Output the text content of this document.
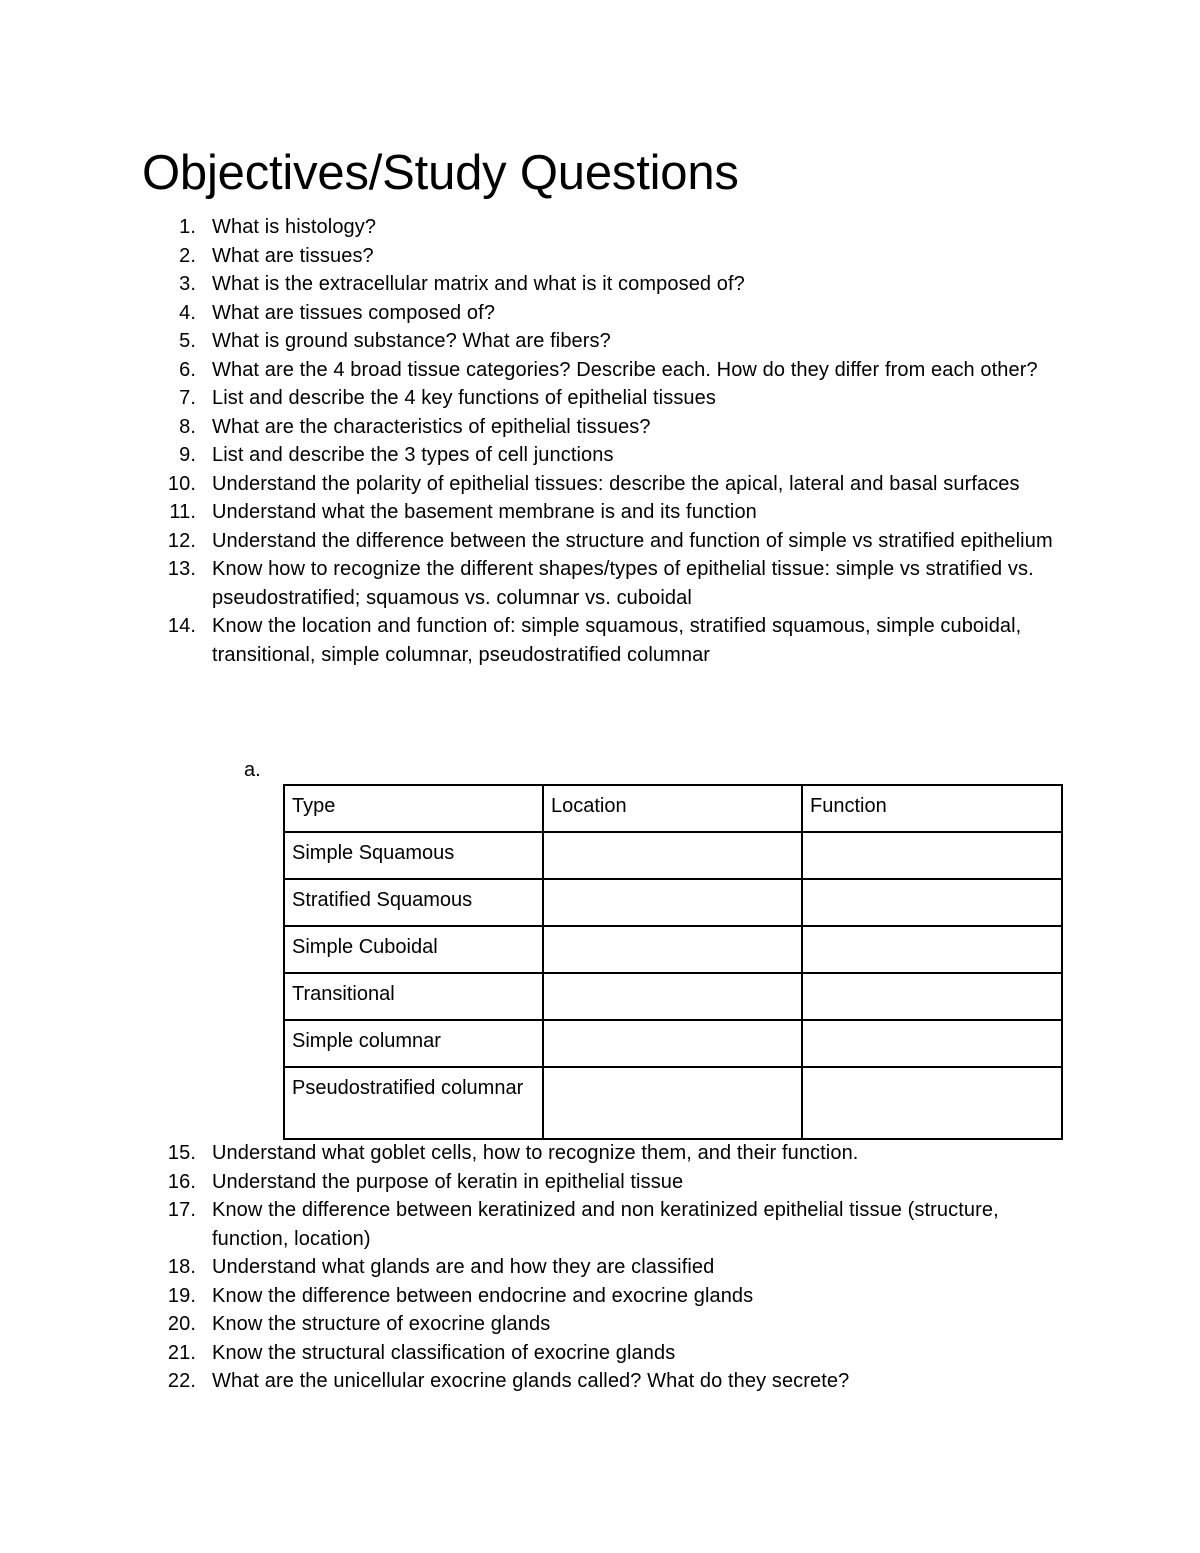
Objectives/Study Questions
1. What is histology?
2. What are tissues?
3. What is the extracellular matrix and what is it composed of?
4. What are tissues composed of?
5. What is ground substance? What are fibers?
6. What are the 4 broad tissue categories? Describe each. How do they differ from each other?
7. List and describe the 4 key functions of epithelial tissues
8. What are the characteristics of epithelial tissues?
9. List and describe the 3 types of cell junctions
10. Understand the polarity of epithelial tissues: describe the apical, lateral and basal surfaces
11. Understand what the basement membrane is and its function
12. Understand the difference between the structure and function of simple vs stratified epithelium
13. Know how to recognize the different shapes/types of epithelial tissue: simple vs stratified vs. pseudostratified; squamous vs. columnar vs. cuboidal
14. Know the location and function of: simple squamous, stratified squamous, simple cuboidal, transitional, simple columnar, pseudostratified columnar
a.
Type	Location	Function
Simple Squamous		
Stratified Squamous		
Simple Cuboidal		
Transitional		
Simple columnar		
Pseudostratified columnar		
15. Understand what goblet cells, how to recognize them, and their function.
16. Understand the purpose of keratin in epithelial tissue
17. Know the difference between keratinized and non keratinized epithelial tissue (structure, function, location)
18. Understand what glands are and how they are classified
19. Know the difference between endocrine and exocrine glands
20. Know the structure of exocrine glands
21. Know the structural classification of exocrine glands
22. What are the unicellular exocrine glands called? What do they secrete?
